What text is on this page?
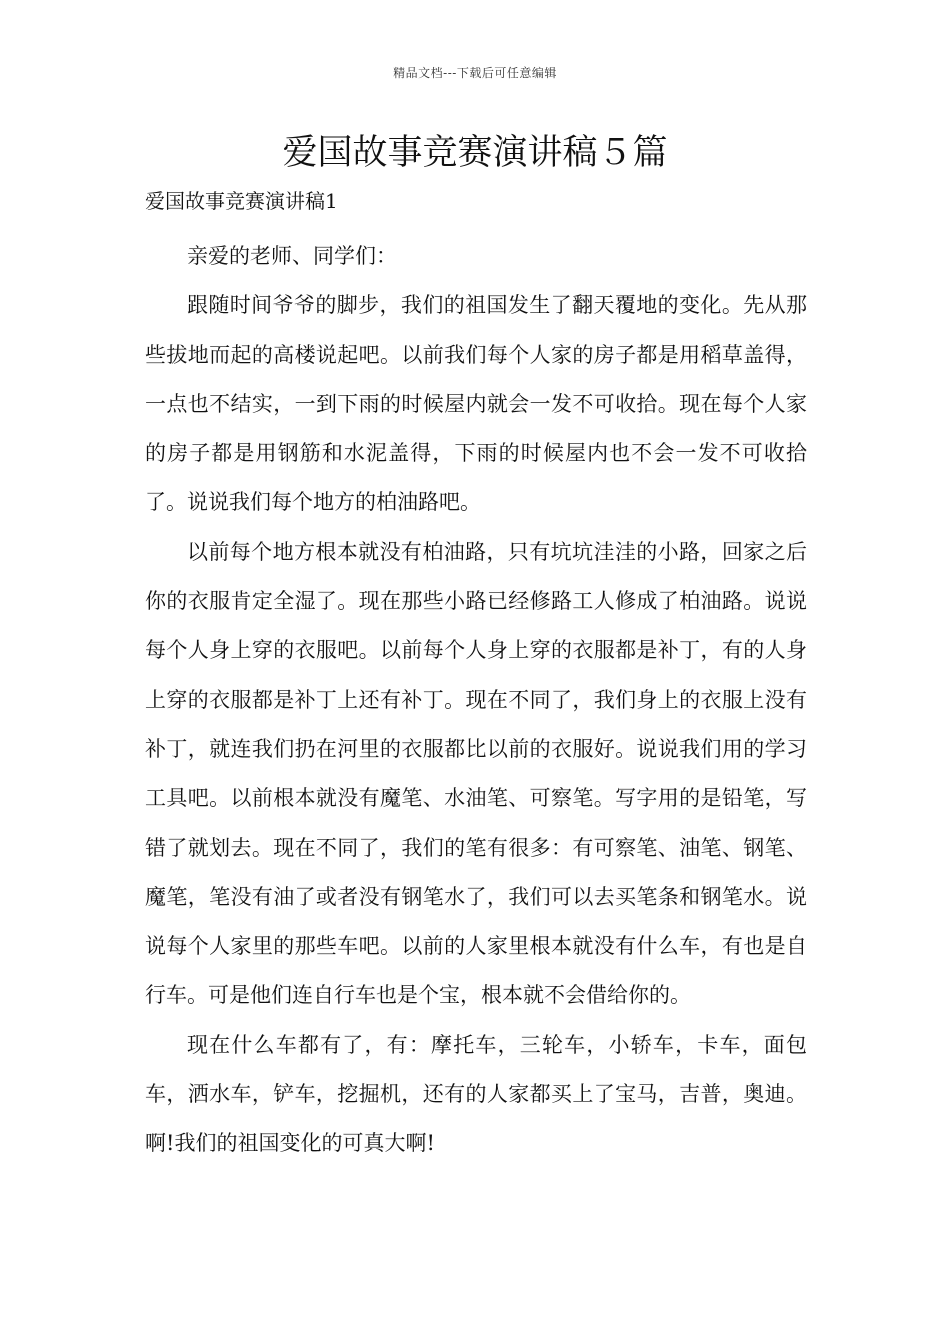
精品文档---下载后可任意编辑
爱国故事竞赛演讲稿５篇
爱国故事竞赛演讲稿1

亲爱的老师、同学们：

跟随时间爷爷的脚步，我们的祖国发生了翻天覆地的变化。先从那些拔地而起的高楼说起吧。以前我们每个人家的房子都是用稻草盖得，一点也不结实，一到下雨的时候屋内就会一发不可收拾。现在每个人家的房子都是用钢筋和水泥盖得，下雨的时候屋内也不会一发不可收拾了。说说我们每个地方的柏油路吧。

以前每个地方根本就没有柏油路，只有坑坑洼洼的小路，回家之后你的衣服肯定全湿了。现在那些小路已经修路工人修成了柏油路。说说每个人身上穿的衣服吧。以前每个人身上穿的衣服都是补丁，有的人身上穿的衣服都是补丁上还有补丁。现在不同了，我们身上的衣服上没有补丁，就连我们扔在河里的衣服都比以前的衣服好。说说我们用的学习工具吧。以前根本就没有魔笔、水油笔、可察笔。写字用的是铅笔，写错了就划去。现在不同了，我们的笔有很多：有可察笔、油笔、钢笔、魔笔，笔没有油了或者没有钢笔水了，我们可以去买笔条和钢笔水。说说每个人家里的那些车吧。以前的人家里根本就没有什么车，有也是自行车。可是他们连自行车也是个宝，根本就不会借给你的。

现在什么车都有了，有：摩托车，三轮车，小轿车，卡车，面包车，洒水车，铲车，挖掘机，还有的人家都买上了宝马，吉普，奥迪。啊!我们的祖国变化的可真大啊!
